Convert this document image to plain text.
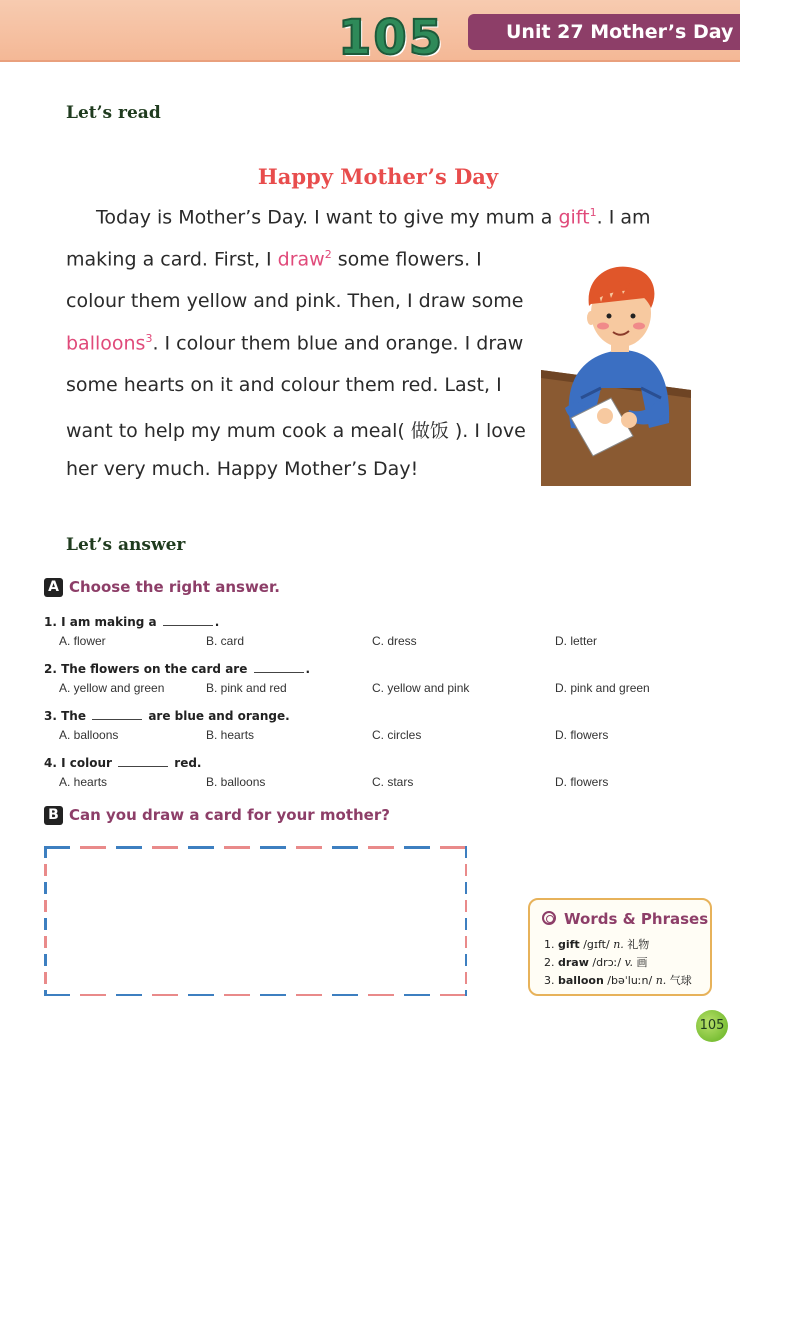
105	Unit 27 Mother’s Day
Let’s read
Happy Mother’s Day
Today is Mother’s Day. I want to give my mum a gift$^1$. I am
making a card. First, I draw$^2$ some flowers. I
colour them yellow and pink. Then, I draw some
balloons$^3$. I colour them blue and orange. I draw
some hearts on it and colour them red. Last, I
want to help my mum cook a meal( 做饭 ). I love
her very much. Happy Mother’s Day!
Let’s answer
A Choose the right answer.
1. I am making a	.
A. flower	B. card	C. dress	D. letter
2. The flowers on the card are	.
A. yellow and green	B. pink and red	C. yellow and pink	D. pink and green
3. The	are blue and orange.
A. balloons	B. hearts	C. circles	D. flowers
4. I colour	red.
A. hearts	B. balloons	C. stars	D. flowers
B Can you draw a card for your mother?
Words & Phrases
1. gift /gɪft/ n. 礼物
2. draw /drɔː/ v. 画
3. balloon /bəˈluːn/ n. 气球
105
